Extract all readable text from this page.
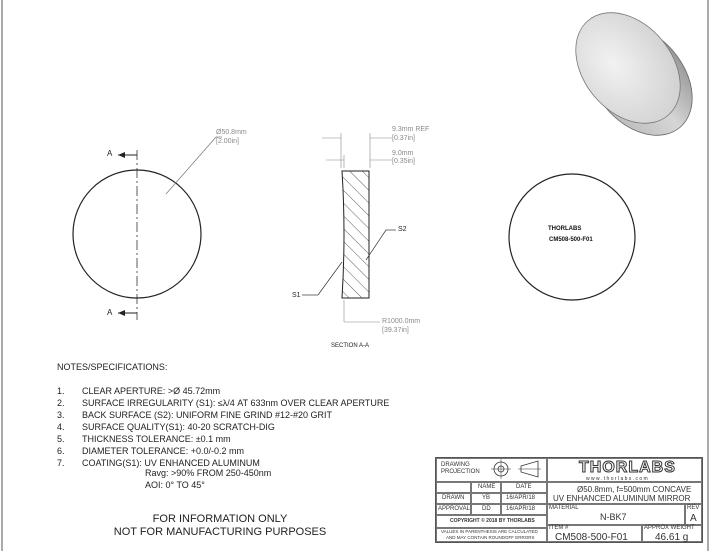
A
A
Ø50.8mm
[2.00in]
9.3mm REF
[0.37in]
9.0mm
[0.35in]
S2
S1
R1000.0mm
[39.37in]
SECTION A-A
THORLABS
CM508-500-F01
NOTES/SPECIFICATIONS:
1. CLEAR APERTURE: >Ø 45.72mm
2. SURFACE IRREGULARITY (S1): ≤λ/4 AT 633nm OVER CLEAR APERTURE
3. BACK SURFACE (S2): UNIFORM FINE GRIND #12-#20 GRIT
4. SURFACE QUALITY(S1): 40-20 SCRATCH-DIG
5. THICKNESS TOLERANCE: ±0.1 mm
6. DIAMETER TOLERANCE: +0.0/-0.2 mm
7. COATING(S1): UV ENHANCED ALUMINUM
Ravg: >90% FROM 250-450nm
AOI: 0° TO 45°
FOR INFORMATION ONLY
NOT FOR MANUFACTURING PURPOSES
DRAWING PROJECTION
NAME	DATE
DRAWN	YB	16/APR/18
APPROVAL DD	16/APR/18
COPYRIGHT © 2018 BY THORLABS
VALUES IN PARENTHESIS ARE CALCULATED
AND MAY CONTAIN ROUNDOFF ERRORS
THORLABS
w w w . t h o r l a b s . c o m
Ø50.8mm, f=500mm CONCAVE
UV ENHANCED ALUMINUM MIRROR
MATERIAL
N-BK7
REV
A
ITEM #
CM508-500-F01
APPROX WEIGHT
46.61 g
